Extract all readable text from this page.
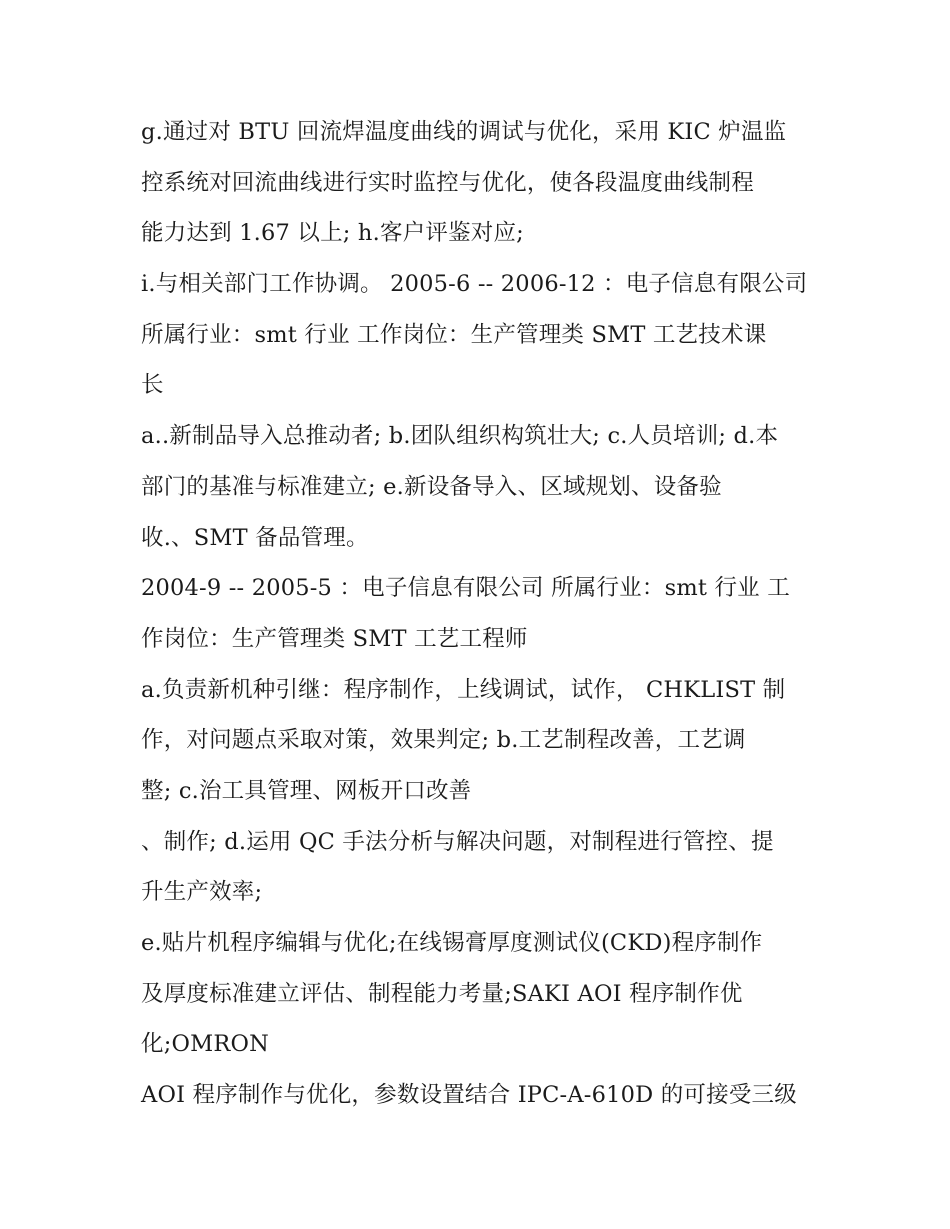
g.通过对 BTU 回流焊温度曲线的调试与优化，采用 KIC 炉温监
控系统对回流曲线进行实时监控与优化，使各段温度曲线制程
能力达到 1.67 以上; h.客户评鉴对应;
i.与相关部门工作协调。 2005-6 -- 2006-12 ：电子信息有限公司
所属行业：smt 行业 工作岗位：生产管理类 SMT 工艺技术课
长
a..新制品导入总推动者; b.团队组织构筑壮大; c.人员培训; d.本
部门的基准与标准建立; e.新设备导入、区域规划、设备验
收.、SMT 备品管理。
2004-9 -- 2005-5 ：电子信息有限公司 所属行业：smt 行业 工
作岗位：生产管理类 SMT 工艺工程师
a.负责新机种引继：程序制作，上线调试，试作， CHKLIST 制
作，对问题点采取对策，效果判定; b.工艺制程改善，工艺调
整; c.治工具管理、网板开口改善
、制作; d.运用 QC 手法分析与解决问题，对制程进行管控、提
升生产效率;
e.贴片机程序编辑与优化;在线锡膏厚度测试仪(CKD)程序制作
及厚度标准建立评估、制程能力考量;SAKI AOI 程序制作优
化;OMRON
AOI 程序制作与优化，参数设置结合 IPC-A-610D 的可接受三级
